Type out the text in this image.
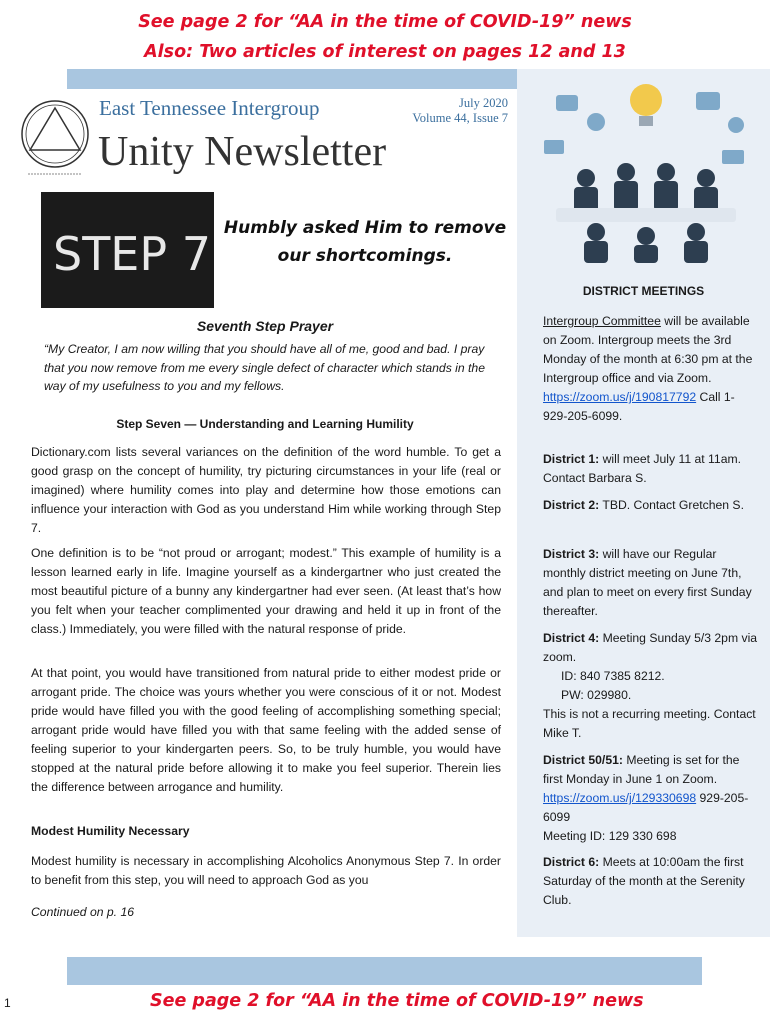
See page 2 for “AA in the time of COVID-19” news
Also: Two articles of interest on pages 12 and 13
East Tennessee Intergroup	July 2020
Volume 44, Issue 7
Unity Newsletter
STEP 7 Humbly asked Him to remove our shortcomings.
Seventh Step Prayer
“My Creator, I am now willing that you should have all of me, good and bad. I pray that you now remove from me every single defect of character which stands in the way of my usefulness to you and my fellows.
Step Seven — Understanding and Learning Humility
Dictionary.com lists several variances on the definition of the word humble. To get a good grasp on the concept of humility, try picturing circumstances in your life (real or imagined) where humility comes into play and determine how those emotions can influence your interaction with God as you understand Him while working through Step 7.
One definition is to be “not proud or arrogant; modest.” This example of humility is a lesson learned early in life. Imagine yourself as a kindergartner who just created the most beautiful picture of a bunny any kindergartner had ever seen. (At least that’s how you felt when your teacher complimented your drawing and held it up in front of the class.) Immediately, you were filled with the natural response of pride.
At that point, you would have transitioned from natural pride to either modest pride or arrogant pride. The choice was yours whether you were conscious of it or not. Modest pride would have filled you with the good feeling of accomplishing something special; arrogant pride would have filled you with that same feeling with the added sense of feeling superior to your kindergarten peers. So, to be truly humble, you would have stopped at the natural pride before allowing it to make you feel superior. Therein lies the difference between arrogance and humility.
Modest Humility Necessary
Modest humility is necessary in accomplishing Alcoholics Anonymous Step 7. In order to benefit from this step, you will need to approach God as you
Continued on p. 16
DISTRICT MEETINGS
Intergroup Committee will be available on Zoom. Intergroup meets the 3rd Monday of the month at 6:30 pm at the Intergroup office and via Zoom. https://zoom.us/j/190817792 Call 1-929-205-6099.
District 1: will meet July 11 at 11am. Contact Barbara S.
District 2: TBD. Contact Gretchen S.
District 3: will have our Regular monthly district meeting on June 7th, and plan to meet on every first Sunday thereafter.
District 4: Meeting Sunday 5/3 2pm via zoom.
ID: 840 7385 8212.
PW: 029980.
This is not a recurring meeting. Contact Mike T.
District 50/51: Meeting is set for the first Monday in June 1 on Zoom. https://zoom.us/j/129330698 929-205-6099
Meeting ID: 129 330 698
District 6: Meets at 10:00am the first Saturday of the month at the Serenity Club.
1	See page 2 for “AA in the time of COVID-19” news
